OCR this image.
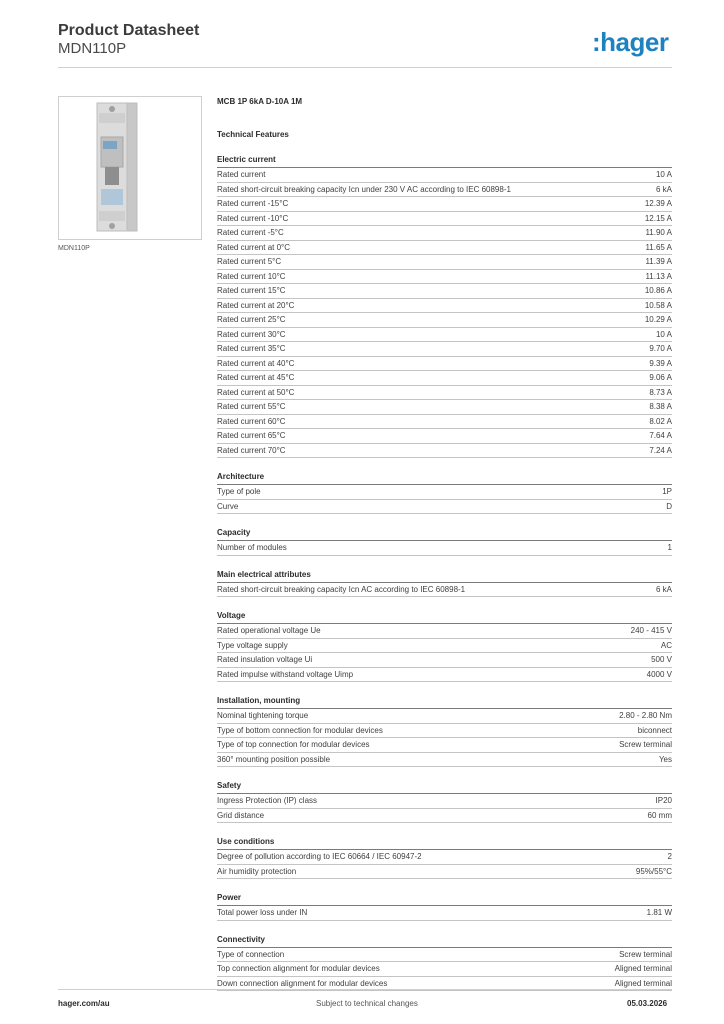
Product Datasheet
MDN110P	:hager
MDN110P
MCB 1P 6kA D-10A 1M
Technical Features
Electric current
Rated current	10 A
Rated short-circuit breaking capacity Icn under 230 V AC according to IEC 60898-1	6 kA
Rated current -15°C	12.39 A
Rated current -10°C	12.15 A
Rated current -5°C	11.90 A
Rated current at 0°C	11.65 A
Rated current 5°C	11.39 A
Rated current 10°C	11.13 A
Rated current 15°C	10.86 A
Rated current at 20°C	10.58 A
Rated current 25°C	10.29 A
Rated current 30°C	10 A
Rated current 35°C	9.70 A
Rated current at 40°C	9.39 A
Rated current at 45°C	9.06 A
Rated current at 50°C	8.73 A
Rated current 55°C	8.38 A
Rated current 60°C	8.02 A
Rated current 65°C	7.64 A
Rated current 70°C	7.24 A
Architecture
Type of pole	1P
Curve	D
Capacity
Number of modules	1
Main electrical attributes
Rated short-circuit breaking capacity Icn AC according to IEC 60898-1	6 kA
Voltage
Rated operational voltage Ue	240 - 415 V
Type voltage supply	AC
Rated insulation voltage Ui	500 V
Rated impulse withstand voltage Uimp	4000 V
Installation, mounting
Nominal tightening torque	2.80 - 2.80 Nm
Type of bottom connection for modular devices	biconnect
Type of top connection for modular devices	Screw terminal
360° mounting position possible	Yes
Safety
Ingress Protection (IP) class	IP20
Grid distance	60 mm
Use conditions
Degree of pollution according to IEC 60664 / IEC 60947-2	2
Air humidity protection	95%/55°C
Power
Total power loss under IN	1.81 W
Connectivity
Type of connection	Screw terminal
Top connection alignment for modular devices	Aligned terminal
Down connection alignment for modular devices	Aligned terminal
hager.com/au	Subject to technical changes	05.03.2026
